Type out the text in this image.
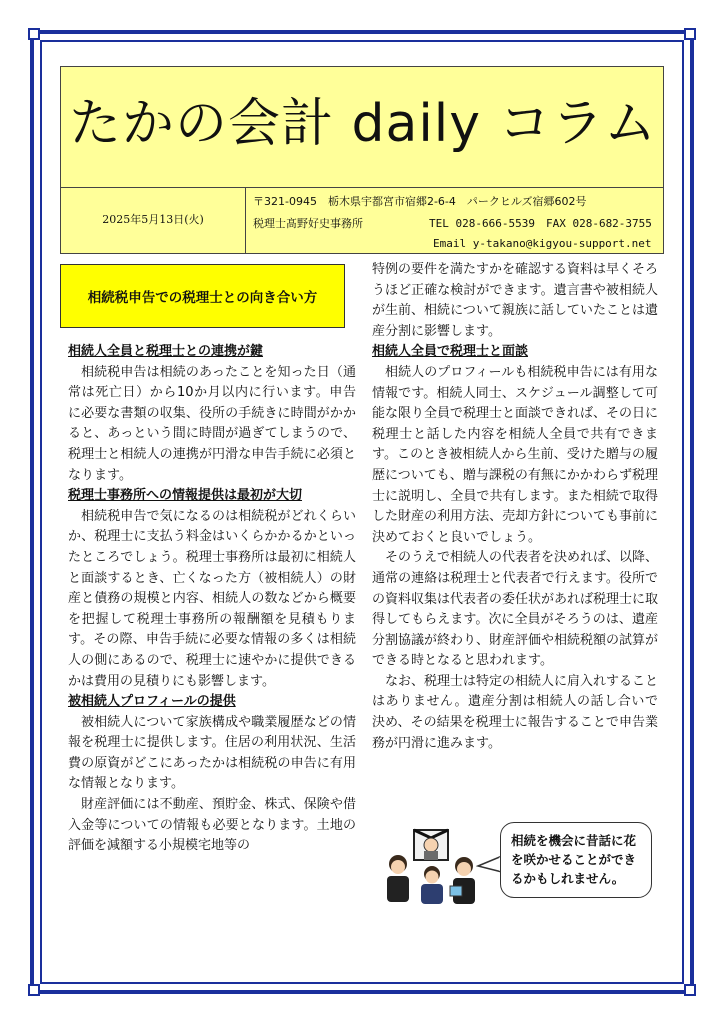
たかの会計 daily コラム
2025年5月13日(火)
〒321-0945　栃木県宇都宮市宿郷2-6-4　パークヒルズ宿郷602号
税理士髙野好史事務所	TEL 028-666-5539　FAX 028-682-3755
Email y-takano@kigyou-support.net
相続税申告での税理士との向き合い方
相続人全員と税理士との連携が鍵

相続税申告は相続のあったことを知った日（通常は死亡日）から10か月以内に行います。申告に必要な書類の収集、役所の手続きに時間がかかると、あっという間に時間が過ぎてしまうので、税理士と相続人の連携が円滑な申告手続に必須となります。

税理士事務所への情報提供は最初が大切

相続税申告で気になるのは相続税がどれくらいか、税理士に支払う料金はいくらかかるかといったところでしょう。税理士事務所は最初に相続人と面談するとき、亡くなった方（被相続人）の財産と債務の規模と内容、相続人の数などから概要を把握して税理士事務所の報酬額を見積もります。その際、申告手続に必要な情報の多くは相続人の側にあるので、税理士に速やかに提供できるかは費用の見積りにも影響します。

被相続人プロフィールの提供

被相続人について家族構成や職業履歴などの情報を税理士に提供します。住居の利用状況、生活費の原資がどこにあったかは相続税の申告に有用な情報となります。

財産評価には不動産、預貯金、株式、保険や借入金等についての情報も必要となります。土地の評価を減額する小規模宅地等の

特例の要件を満たすかを確認する資料は早くそろうほど正確な検討ができます。遺言書や被相続人が生前、相続について親族に話していたことは遺産分割に影響します。

相続人全員で税理士と面談

相続人のプロフィールも相続税申告には有用な情報です。相続人同士、スケジュール調整して可能な限り全員で税理士と面談できれば、その日に税理士と話した内容を相続人全員で共有できます。このとき被相続人から生前、受けた贈与の履歴についても、贈与課税の有無にかかわらず税理士に説明し、全員で共有します。また相続で取得した財産の利用方法、売却方針についても事前に決めておくと良いでしょう。

そのうえで相続人の代表者を決めれば、以降、通常の連絡は税理士と代表者で行えます。役所での資料収集は代表者の委任状があれば税理士に取得してもらえます。次に全員がそろうのは、遺産分割協議が終わり、財産評価や相続税額の試算ができる時となると思われます。

なお、税理士は特定の相続人に肩入れすることはありません。遺産分割は相続人の話し合いで決め、その結果を税理士に報告することで申告業務が円滑に進みます。

相続を機会に昔話に花を咲かせることができるかもしれません。
